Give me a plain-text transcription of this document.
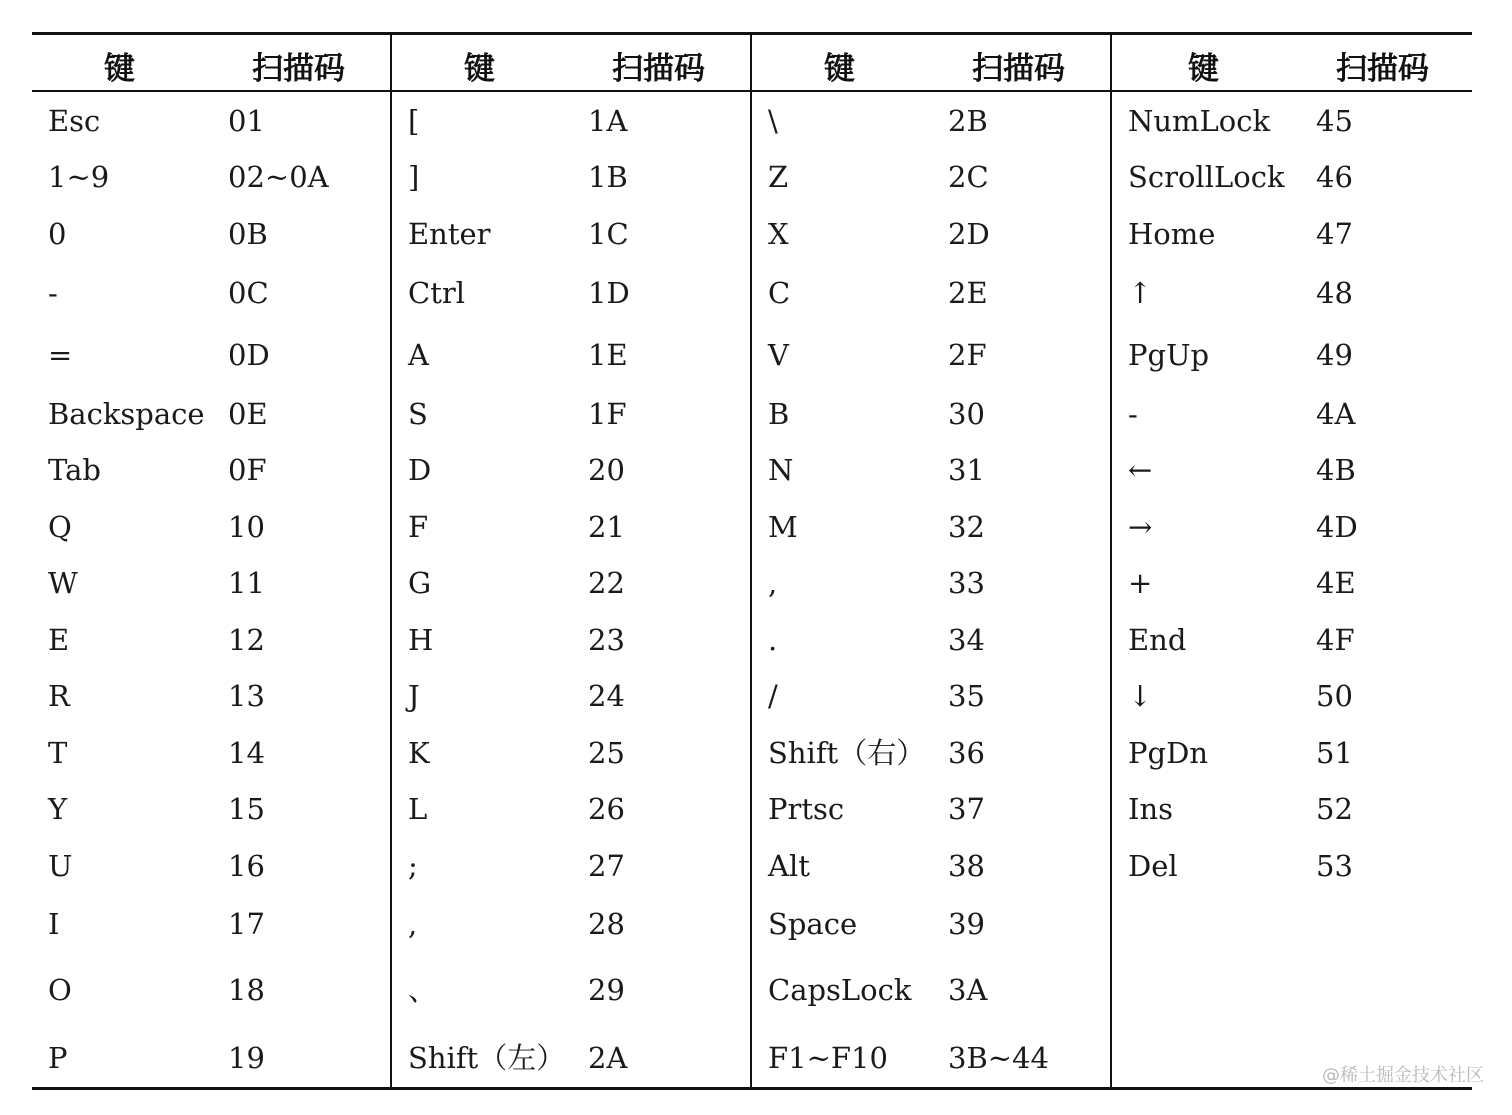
键	扫描码
Esc	01
1~9	02~0A
0	0B
-	0C
=	0D
Backspace 0E
Tab	0F
Q	10
W	11
E	12
R	13
T	14
Y	15
U	16
I	17
O	18
P	19
键	扫描码
[	1A
]	1B
Enter	1C
Ctrl	1D
A	1E
S	1F
D	20
F	21
G	22
H	23
J	24
K	25
L	26
;	27
,	28
、	29
Shift（左） 2A
键	扫描码
\	2B
Z	2C
X	2D
C	2E
V	2F
B	30
N	31
M	32
,	33
.	34
/	35
Shift（右） 36
Prtsc	37
Alt	38
Space	39
CapsLock 3A
F1~F10 3B~44
键	扫描码
NumLock 45
ScrollLock 46
Home	47
↑	48
PgUp	49
-	4A
←	4B
→	4D
+	4E
End	4F
↓	50
PgDn	51
Ins	52
Del	53
@稀土掘金技术社区
